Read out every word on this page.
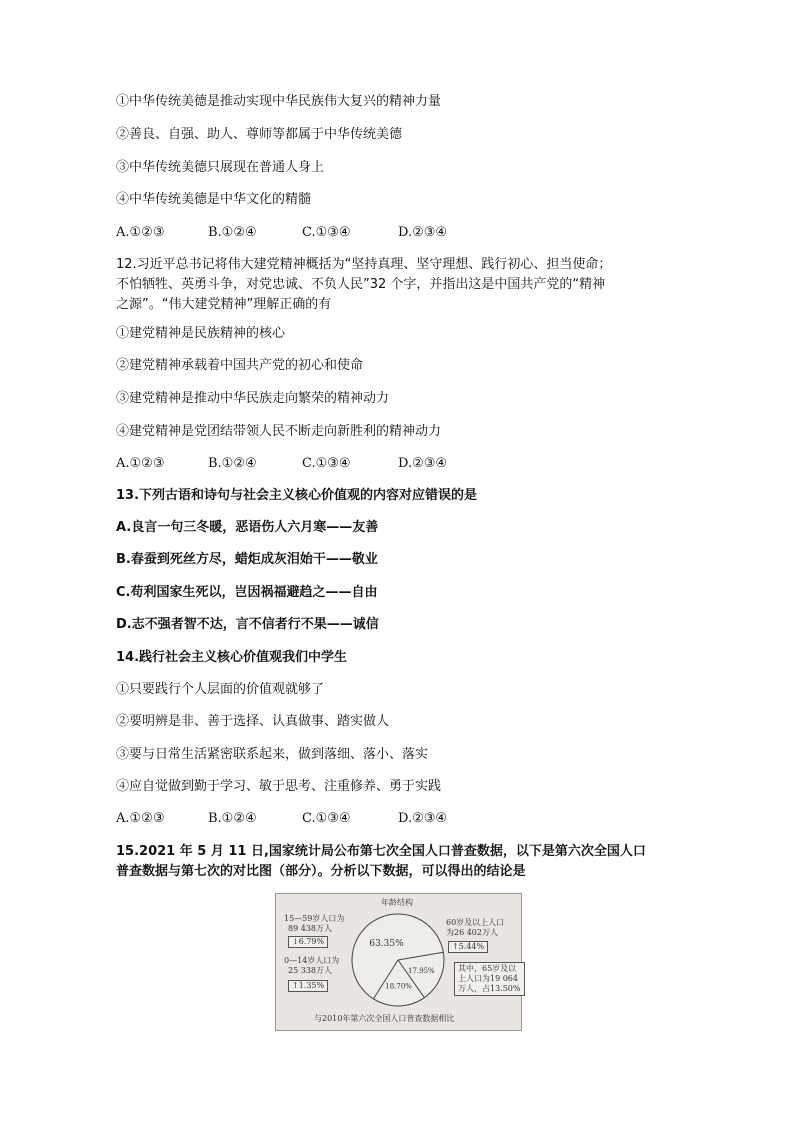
①中华传统美德是推动实现中华民族伟大复兴的精神力量
②善良、自强、助人、尊师等都属于中华传统美德
③中华传统美德只展现在普通人身上
④中华传统美德是中华文化的精髓
A.①②③	B.①②④	C.①③④	D.②③④
12.习近平总书记将伟大建党精神概括为“坚持真理、坚守理想、践行初心、担当使命；
不怕牺牲、英勇斗争，对党忠诚、不负人民”32 个字，并指出这是中国共产党的“精神
之源”。“伟大建党精神”理解正确的有
①建党精神是民族精神的核心
②建党精神承载着中国共产党的初心和使命
③建党精神是推动中华民族走向繁荣的精神动力
④建党精神是党团结带领人民不断走向新胜利的精神动力
A.①②③	B.①②④	C.①③④	D.②③④
13.下列古语和诗句与社会主义核心价值观的内容对应错误的是
A.良言一句三冬暖，恶语伤人六月寒——友善
B.春蚕到死丝方尽，蜡炬成灰泪始干——敬业
C.苟利国家生死以，岂因祸福避趋之——自由
D.志不强者智不达，言不信者行不果——诚信
14.践行社会主义核心价值观我们中学生
①只要践行个人层面的价值观就够了
②要明辨是非、善于选择、认真做事、踏实做人
③要与日常生活紧密联系起来，做到落细、落小、落实
④应自觉做到勤于学习、敏于思考、注重修养、勇于实践
A.①②③	B.①②④	C.①③④	D.②③④
15.2021 年 5 月 11 日,国家统计局公布第七次全国人口普查数据，以下是第六次全国人口
普查数据与第七次的对比图（部分）。分析以下数据，可以得出的结论是
63.35%
17.95%
18.70%
年龄结构
15—59岁人口为
89 438万人
↓6.79%
0—14岁人口为
25 338万人
↑1.35%
60岁及以上人口
为26 402万人
↑5.44%
其中，65岁及以
上人口为19 064
万人，占13.50%
与2010年第六次全国人口普查数据相比
